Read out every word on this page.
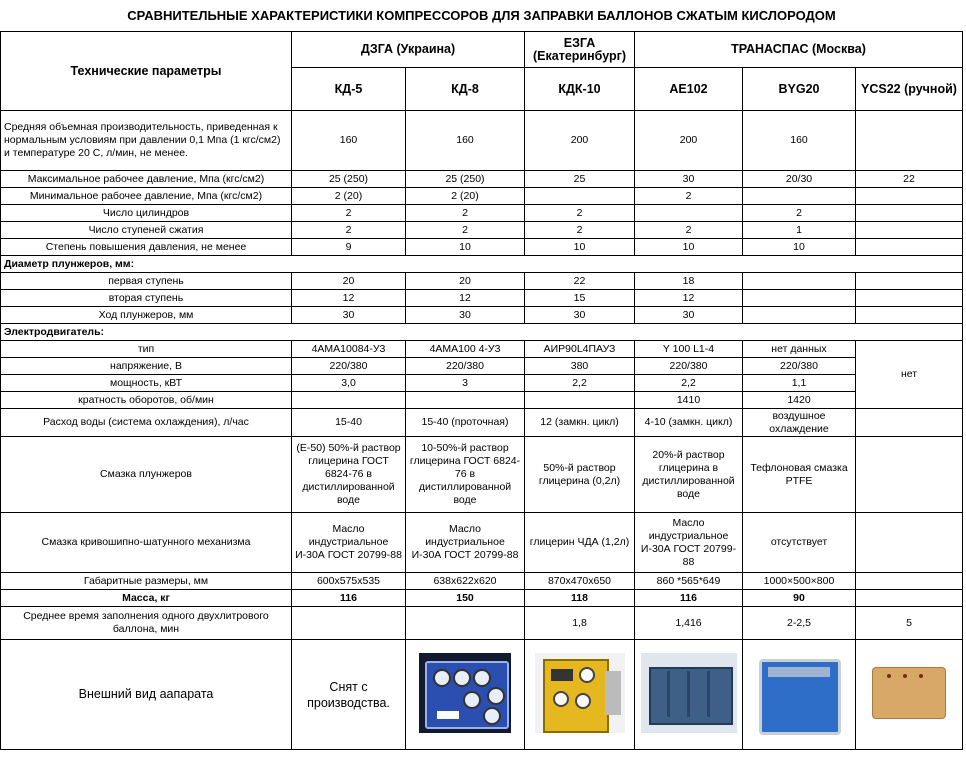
СРАВНИТЕЛЬНЫЕ ХАРАКТЕРИСТИКИ КОМПРЕССОРОВ ДЛЯ ЗАПРАВКИ БАЛЛОНОВ СЖАТЫМ КИСЛОРОДОМ						
Технические параметры	ДЗГА (Украина)		ЕЗГА
(Екатеринбург)	ТРАНАСПАС (Москва)		
	КД-5	КД-8	КДК-10	AE102	BYG20	YCS22 (ручной)
Средняя объемная производительность, приведенная к нормальным условиям при давлении 0,1 Мпа (1 кгс/см2) и температуре 20 С, л/мин, не менее.	160	160	200	200	160	
Максимальное рабочее давление, Мпа (кгс/см2)	25 (250)	25 (250)	25	30	20/30	22
Минимальное рабочее давление, Мпа (кгс/см2)	2 (20)	2 (20)		2		
Число цилиндров	2	2	2		2	
Число ступеней сжатия	2	2	2	2	1	
Степень повышения давления, не менее	9	10	10	10	10	
Диаметр плунжеров, мм:						
первая ступень	20	20	22	18		
вторая ступень	12	12	15	12		
Ход плунжеров, мм	30	30	30	30		
Электродвигатель:						
тип	4АМА10084-У3	4АМА100 4-У3	АИР90L4ПАУЗ	Y 100 L1-4	нет данных	нет
напряжение, В	220/380	220/380	380	220/380	220/380	
мощность, кВТ	3,0	3	2,2	2,2	1,1	
кратность оборотов, об/мин				1410	1420	
Расход воды (система охлаждения), л/час	15-40	15-40 (проточная)	12 (замкн. цикл)	4-10 (замкн. цикл)	воздушное охлаждение	
Смазка плунжеров	(Е-50) 50%-й раствор глицерина ГОСТ 6824-76 в дистиллированной воде	10-50%-й раствор глицерина ГОСТ 6824-76 в дистиллированной воде	50%-й раствор глицерина (0,2л)	20%-й раствор глицерина в дистиллированной воде	Тефлоновая смазка PTFE	
Смазка кривошипно-шатунного механизма	Масло индустриальное И-30А ГОСТ 20799-88	Масло индустриальное И-30А ГОСТ 20799-88	глицерин ЧДА (1,2л)	Масло индустриальное И-30А ГОСТ 20799-88	отсутствует	
Габаритные размеры, мм	600x575x535	638x622x620	870x470x650	860 *565*649	1000×500×800	
Масса, кг	116	150	118	116	90	
Среднее время заполнения одного двухлитрового баллона, мин			1,8	1,416	2-2,5	5
Внешний вид аапарата	Снят с производства.	
